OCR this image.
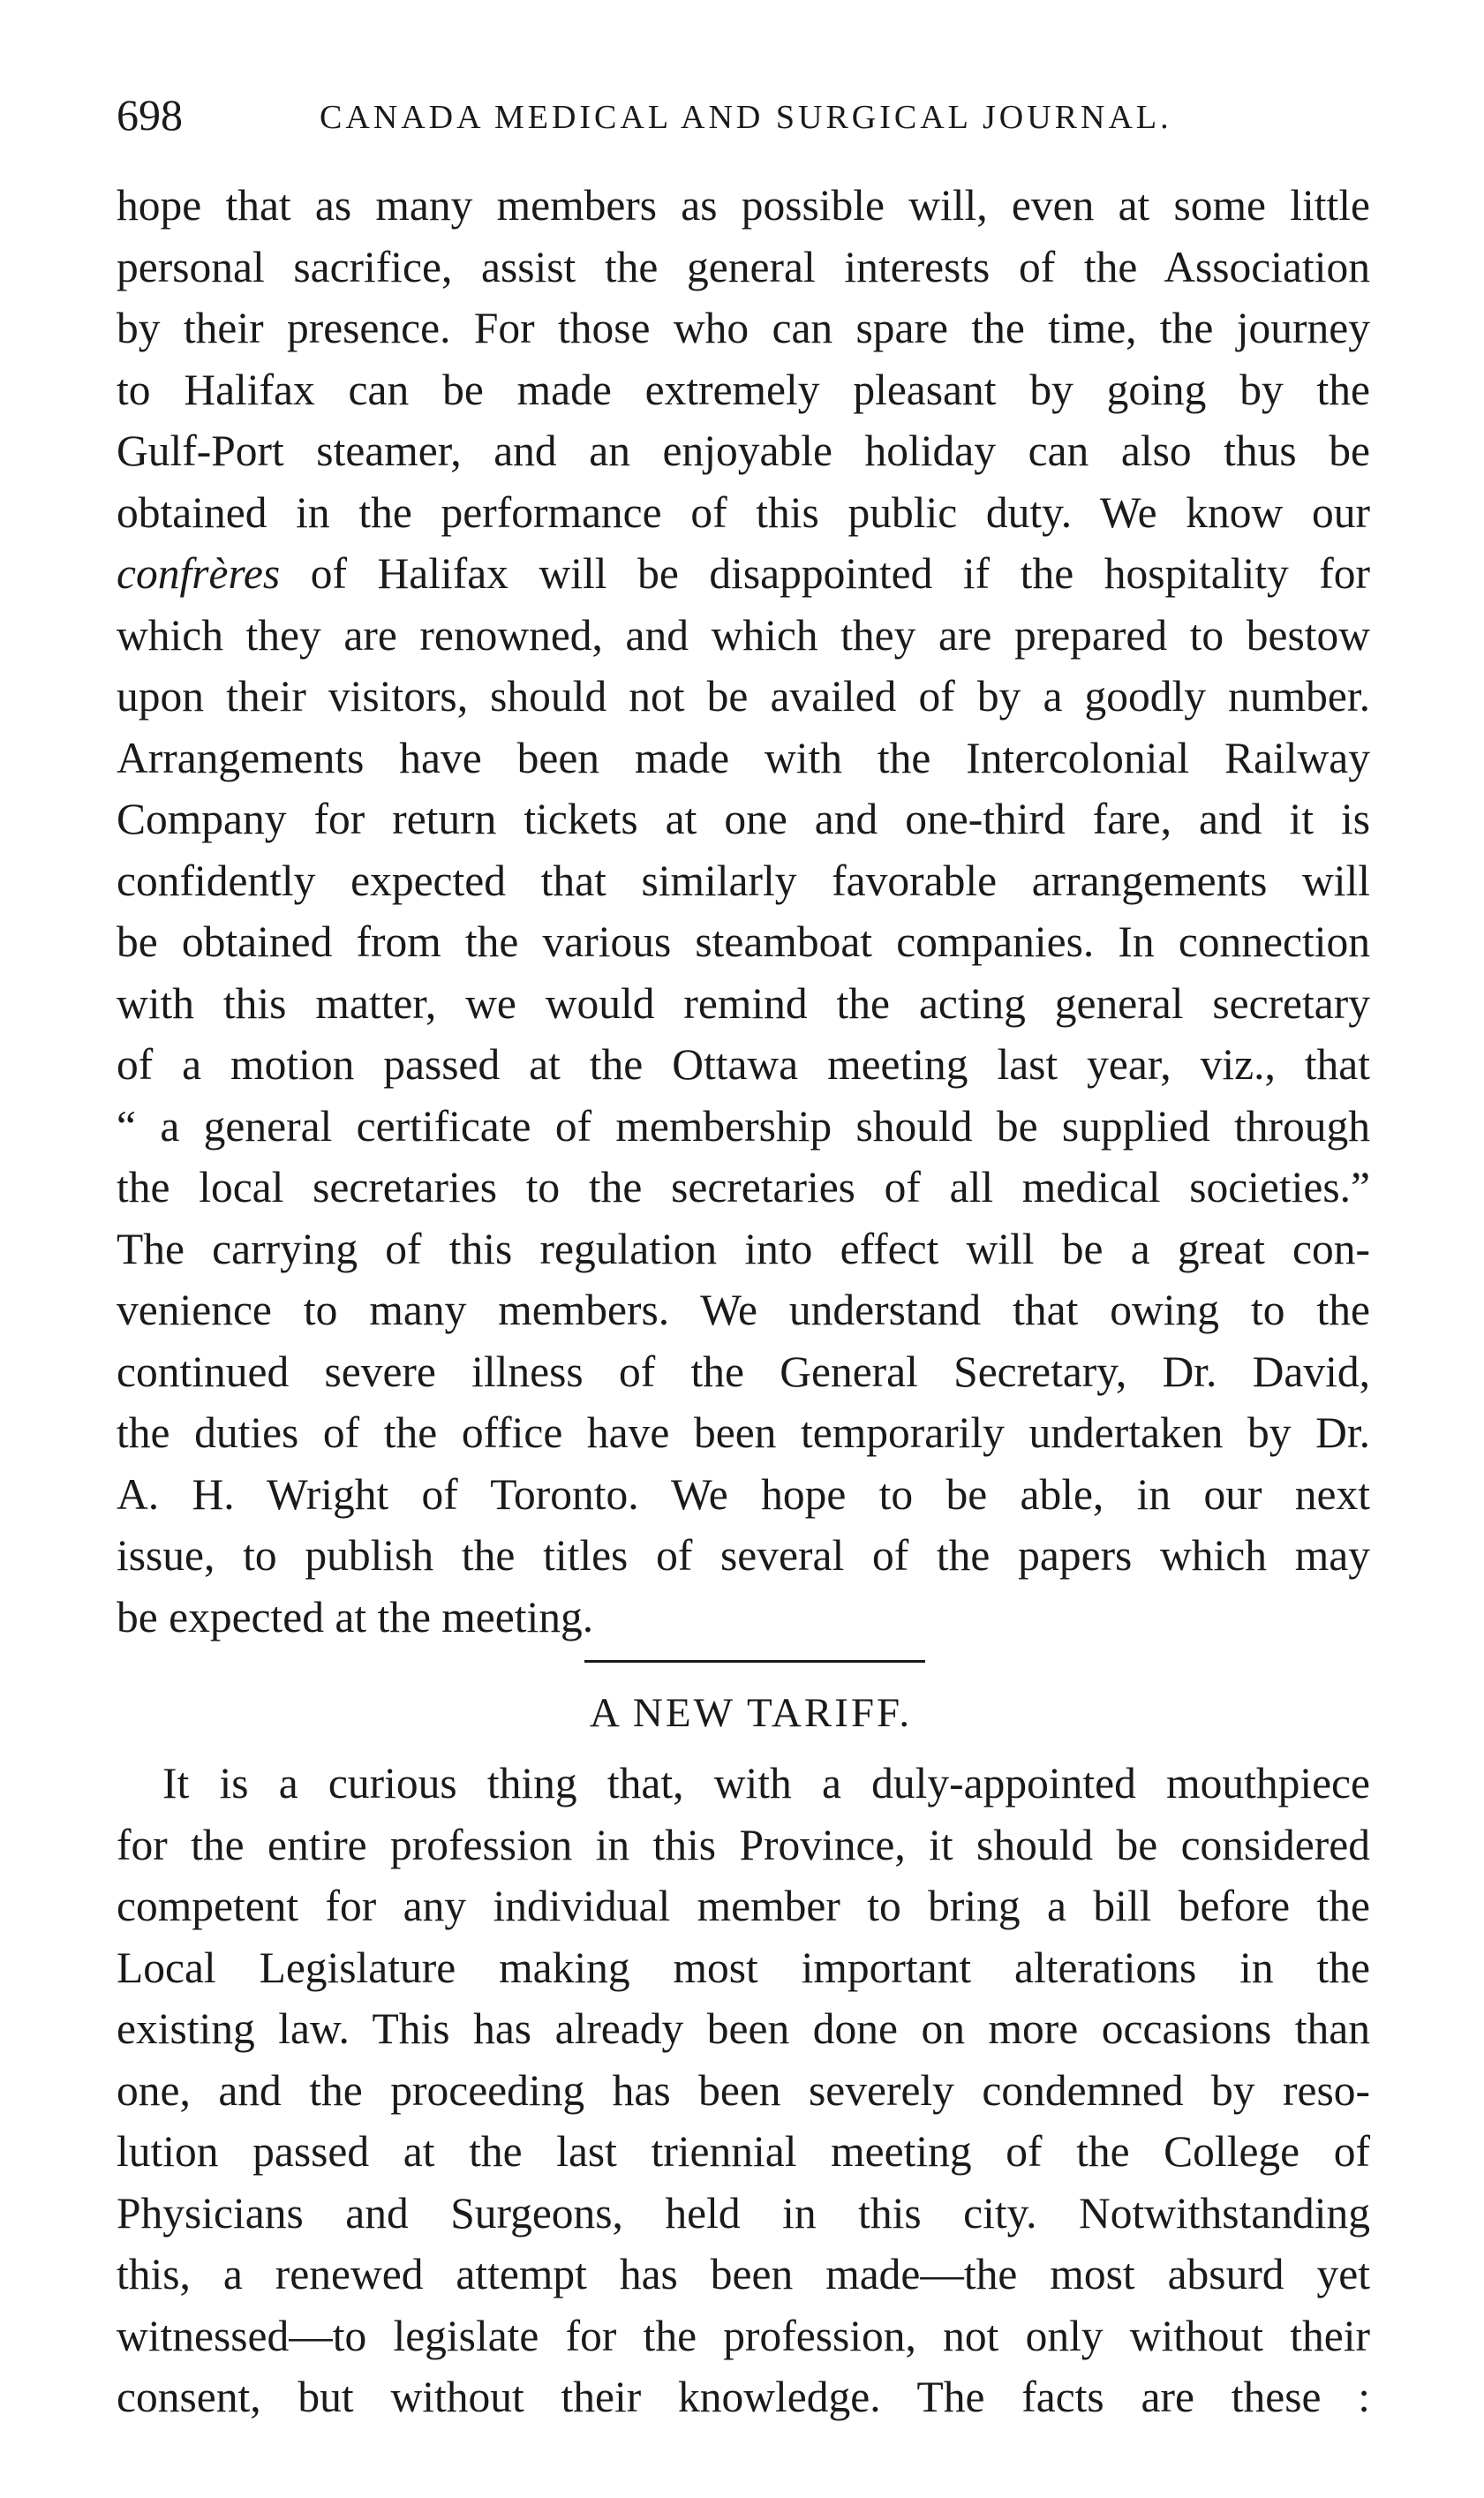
698	CANADA MEDICAL AND SURGICAL JOURNAL.
hope that as many members as possible will, even at some little
personal sacrifice, assist the general interests of the Association
by their presence. For those who can spare the time, the journey
to Halifax can be made extremely pleasant by going by the
Gulf-Port steamer, and an enjoyable holiday can also thus be
obtained in the performance of this public duty. We know our
confrères of Halifax will be disappointed if the hospitality for
which they are renowned, and which they are prepared to bestow
upon their visitors, should not be availed of by a goodly number.
Arrangements have been made with the Intercolonial Railway
Company for return tickets at one and one-third fare, and it is
confidently expected that similarly favorable arrangements will
be obtained from the various steamboat companies. In connection
with this matter, we would remind the acting general secretary
of a motion passed at the Ottawa meeting last year, viz., that
“ a general certificate of membership should be supplied through
the local secretaries to the secretaries of all medical societies.”
The carrying of this regulation into effect will be a great con-
venience to many members. We understand that owing to the
continued severe illness of the General Secretary, Dr. David,
the duties of the office have been temporarily undertaken by Dr.
A. H. Wright of Toronto. We hope to be able, in our next
issue, to publish the titles of several of the papers which may
be expected at the meeting.
A NEW TARIFF.
It is a curious thing that, with a duly-appointed mouthpiece
for the entire profession in this Province, it should be considered
competent for any individual member to bring a bill before the
Local Legislature making most important alterations in the
existing law. This has already been done on more occasions than
one, and the proceeding has been severely condemned by reso-
lution passed at the last triennial meeting of the College of
Physicians and Surgeons, held in this city. Notwithstanding
this, a renewed attempt has been made—the most absurd yet
witnessed—to legislate for the profession, not only without their
consent, but without their knowledge. The facts are these :
